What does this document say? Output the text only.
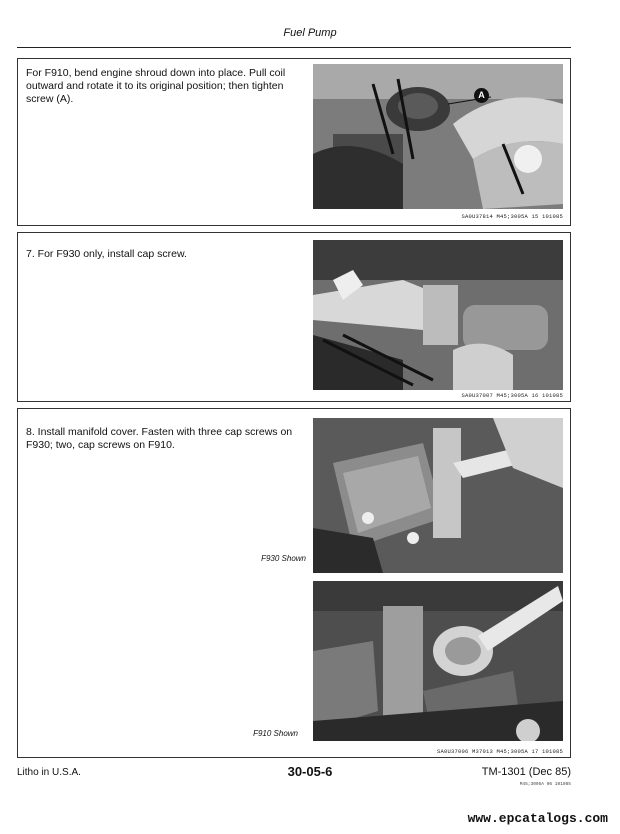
Fuel Pump
For F910, bend engine shroud down into place. Pull coil outward and rotate it to its original position; then tighten screw (A).	A
SA0U37814 M45;3005A 15 101085
7. For F930 only, install cap screw.
SA0U37007 M45;3005A 16 101085
8. Install manifold cover. Fasten with three cap screws on F930; two, cap screws on F910.
F930 Shown
F910 Shown
SA0U37006 M37013 M45;3005A 17 101085
Litho in U.S.A.	30-05-6	TM-1301 (Dec 85)
M45;3005A 06 101085
www.epcatalogs.com
